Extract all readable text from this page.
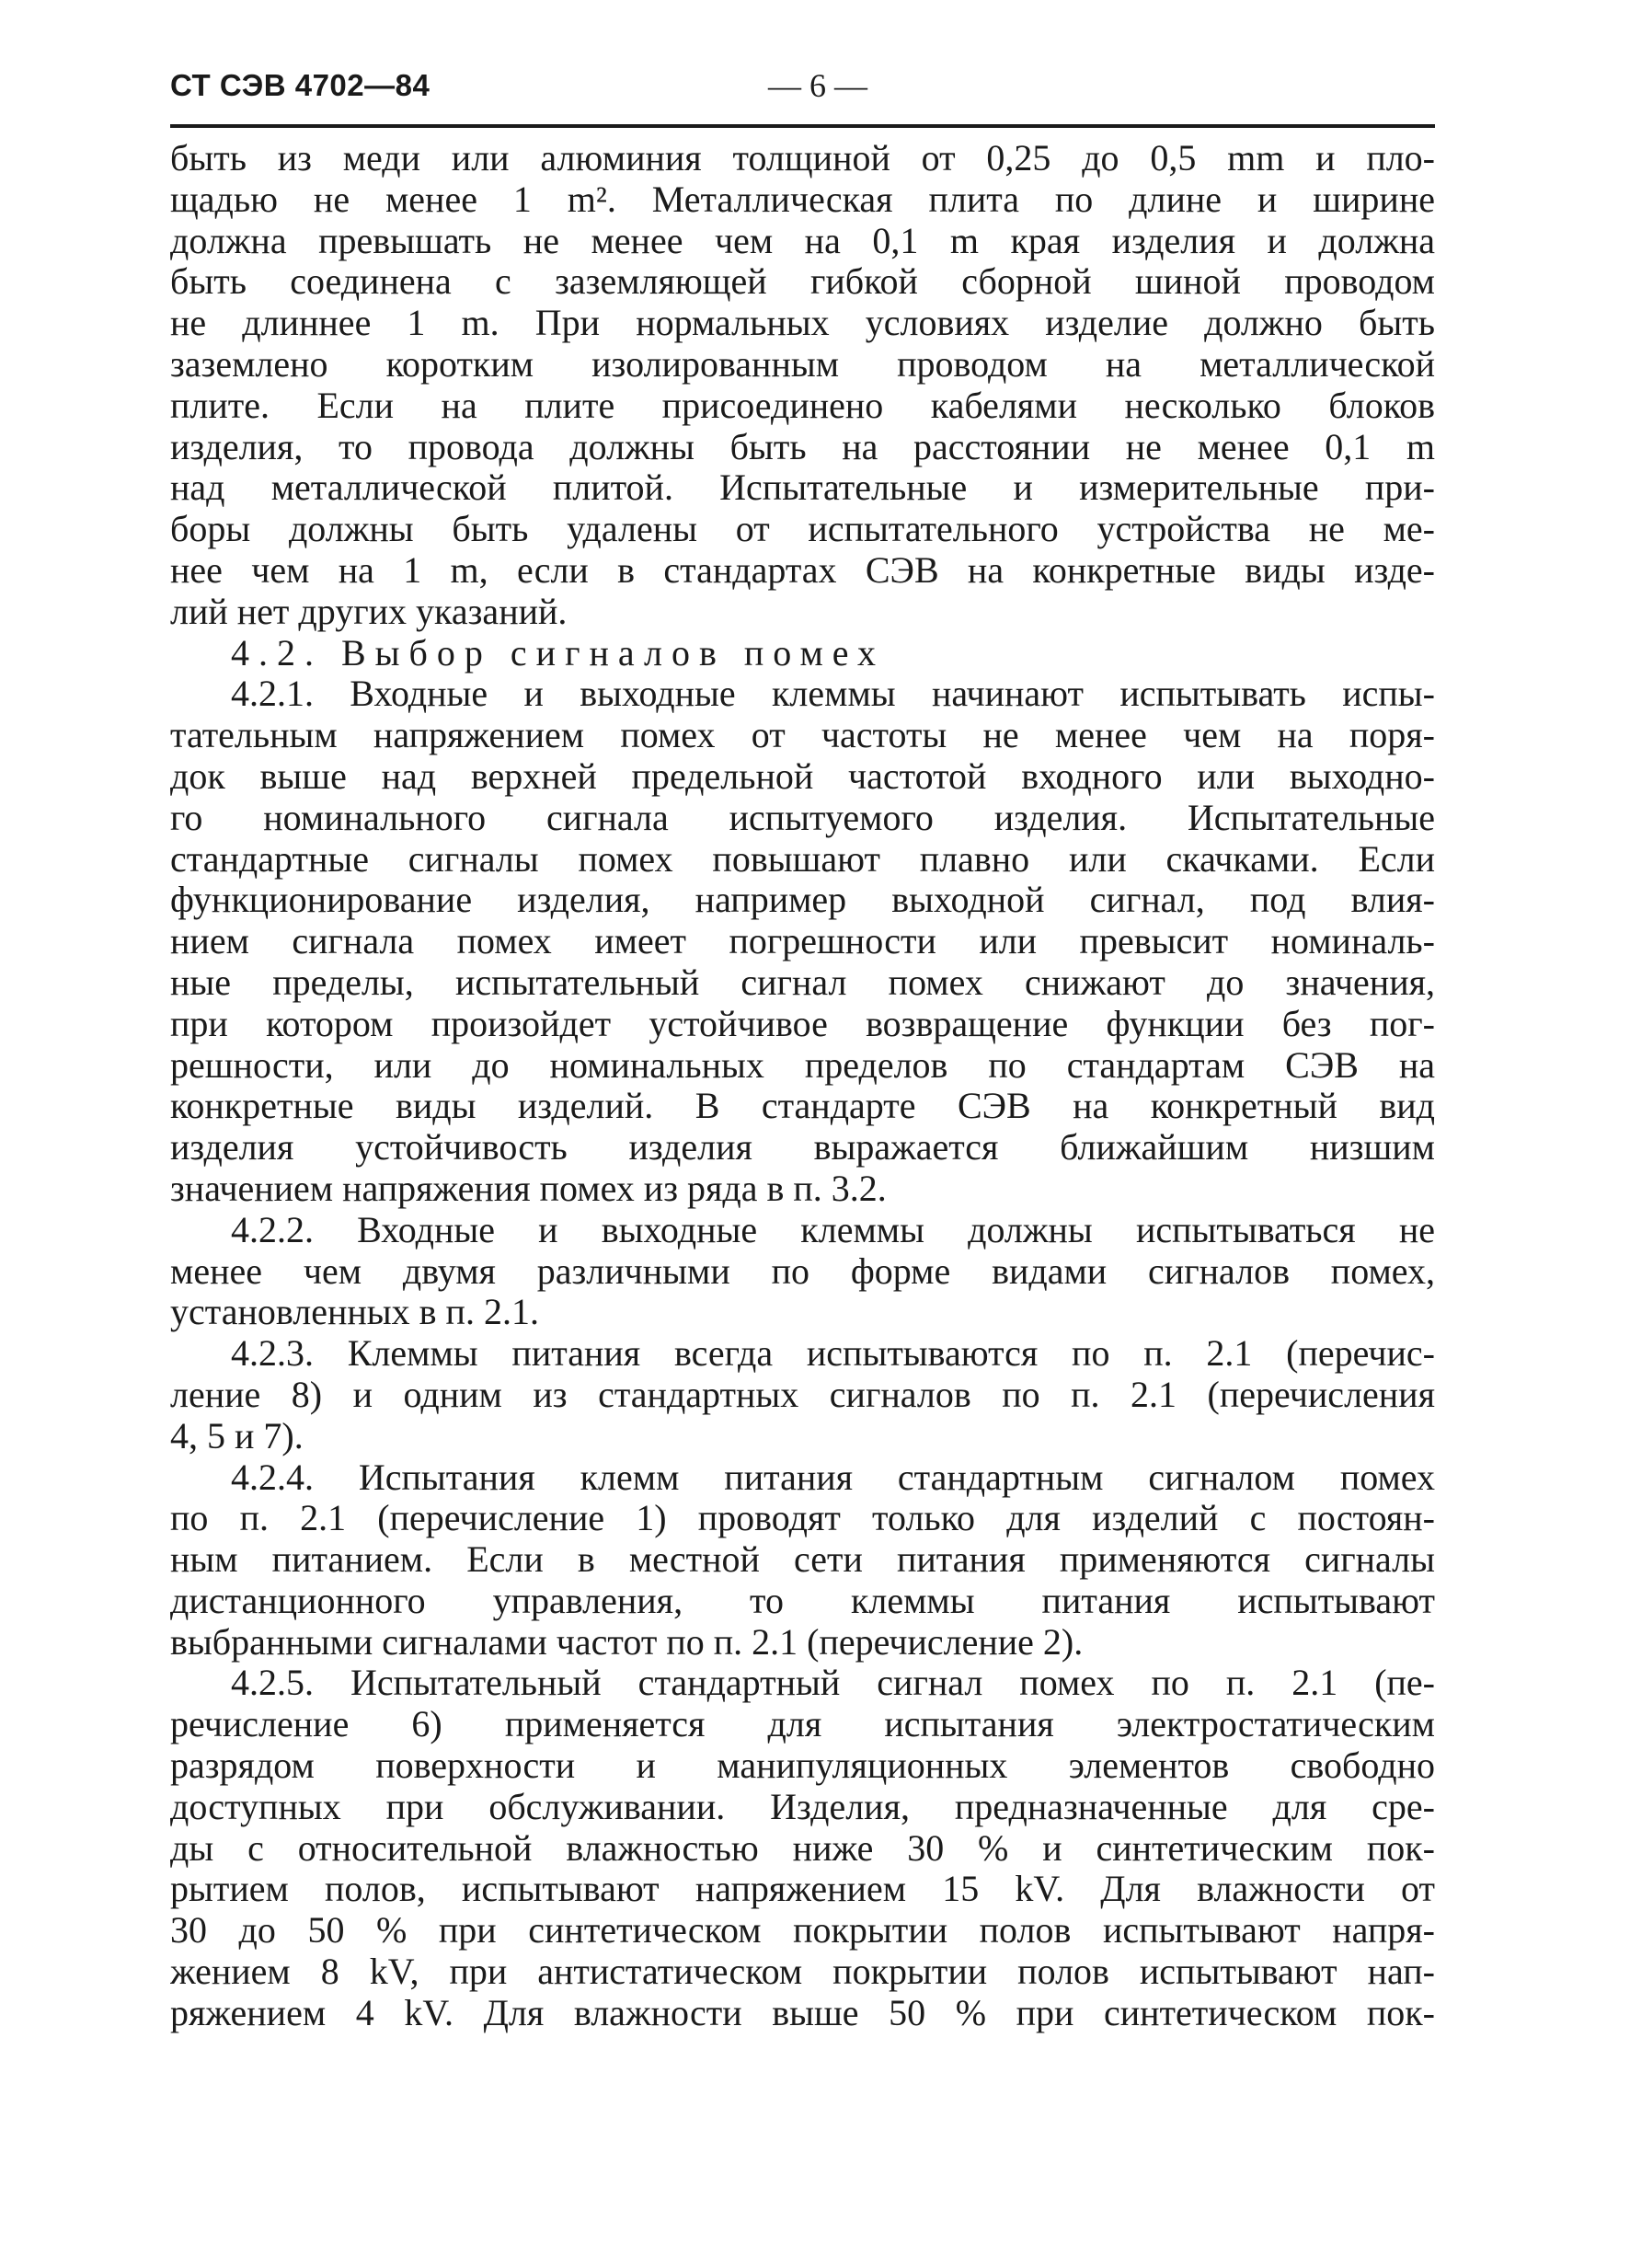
СТ СЭВ 4702—84	— 6 —
быть из меди или алюминия толщиной от 0,25 до 0,5 mm и пло-
щадью не менее 1 m². Металлическая плита по длине и ширине
должна превышать не менее чем на 0,1 m края изделия и должна
быть соединена с заземляющей гибкой сборной шиной проводом
не длиннее 1 m. При нормальных условиях изделие должно быть
заземлено коротким изолированным проводом на металлической
плите. Если на плите присоединено кабелями несколько блоков
изделия, то провода должны быть на расстоянии не менее 0,1 m
над металлической плитой. Испытательные и измерительные при-
боры должны быть удалены от испытательного устройства не ме-
нее чем на 1 m, если в стандартах СЭВ на конкретные виды изде-
лий нет других указаний.
4.2. Выбор сигналов помех
4.2.1. Входные и выходные клеммы начинают испытывать испы-
тательным напряжением помех от частоты не менее чем на поря-
док выше над верхней предельной частотой входного или выходно-
го номинального сигнала испытуемого изделия. Испытательные
стандартные сигналы помех повышают плавно или скачками. Если
функционирование изделия, например выходной сигнал, под влия-
нием сигнала помех имеет погрешности или превысит номиналь-
ные пределы, испытательный сигнал помех снижают до значения,
при котором произойдет устойчивое возвращение функции без пог-
решности, или до номинальных пределов по стандартам СЭВ на
конкретные виды изделий. В стандарте СЭВ на конкретный вид
изделия устойчивость изделия выражается ближайшим низшим
значением напряжения помех из ряда в п. 3.2.
4.2.2. Входные и выходные клеммы должны испытываться не
менее чем двумя различными по форме видами сигналов помех,
установленных в п. 2.1.
4.2.3. Клеммы питания всегда испытываются по п. 2.1 (перечис-
ление 8) и одним из стандартных сигналов по п. 2.1 (перечисления
4, 5 и 7).
4.2.4. Испытания клемм питания стандартным сигналом помех
по п. 2.1 (перечисление 1) проводят только для изделий с постоян-
ным питанием. Если в местной сети питания применяются сигналы
дистанционного управления, то клеммы питания испытывают
выбранными сигналами частот по п. 2.1 (перечисление 2).
4.2.5. Испытательный стандартный сигнал помех по п. 2.1 (пе-
речисление 6) применяется для испытания электростатическим
разрядом поверхности и манипуляционных элементов свободно
доступных при обслуживании. Изделия, предназначенные для сре-
ды с относительной влажностью ниже 30 % и синтетическим пок-
рытием полов, испытывают напряжением 15 kV. Для влажности от
30 до 50 % при синтетическом покрытии полов испытывают напря-
жением 8 kV, при антистатическом покрытии полов испытывают нап-
ряжением 4 kV. Для влажности выше 50 % при синтетическом пок-
